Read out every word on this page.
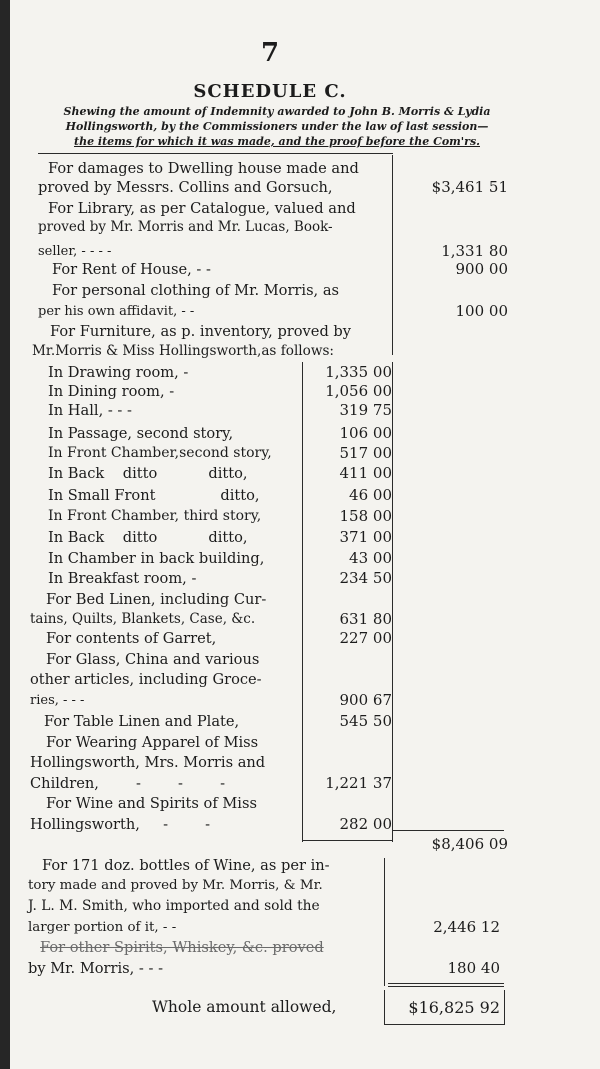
7
SCHEDULE C.
Shewing the amount of Indemnity awarded to John B. Morris & Lydia
Hollingsworth, by the Commissioners under the law of last session—
the items for which it was made, and the proof before the Com'rs.
For damages to Dwelling house made and
proved by Messrs. Collins and Gorsuch,	$3,461 51
For Library, as per Catalogue, valued and
proved by Mr. Morris and Mr. Lucas, Book-
seller, - - - -	1,331 80
For Rent of House, - -	900 00
For personal clothing of Mr. Morris, as
per his own affidavit, - -	100 00
For Furniture, as p. inventory, proved by
Mr.Morris & Miss Hollingsworth,as follows:
In Drawing room, -	1,335 00
In Dining room, -	1,056 00
In Hall, - - -	319 75
In Passage, second story,	106 00
In Front Chamber,second story,	517 00
In Back    ditto           ditto,	411 00
In Small Front              ditto,	46 00
In Front Chamber, third story,	158 00
In Back    ditto           ditto,	371 00
In Chamber in back building,	43 00
In Breakfast room, -	234 50
For Bed Linen, including Cur-
tains, Quilts, Blankets, Case, &c.	631 80
For contents of Garret,	227 00
For Glass, China and various
other articles, including Groce-
ries, - - -	900 67
For Table Linen and Plate,	545 50
For Wearing Apparel of Miss
Hollingsworth, Mrs. Morris and
Children,        -        -        -	1,221 37
For Wine and Spirits of Miss
Hollingsworth,     -        -	282 00
$8,406 09
For 171 doz. bottles of Wine, as per in-
tory made and proved by Mr. Morris, & Mr.
J. L. M. Smith, who imported and sold the
larger portion of it, - -	2,446 12
For other Spirits, Whiskey, &c. proved
by Mr. Morris, - - -	180 40
Whole amount allowed,	$16,825 92
